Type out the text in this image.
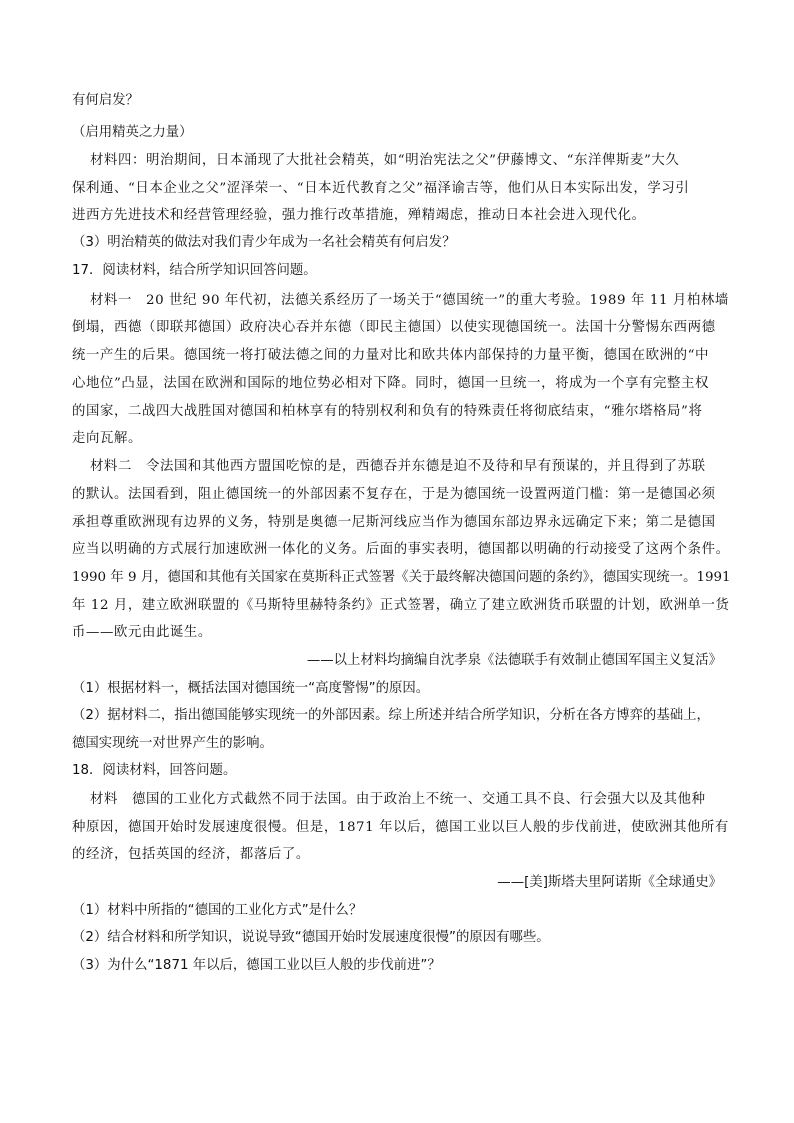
有何启发？
（启用精英之力量）
材料四：明治期间，日本涌现了大批社会精英，如“明治宪法之父”伊藤博文、“东洋俾斯麦”大久
保利通、“日本企业之父”涩泽荣一、“日本近代教育之父”福泽谕吉等，他们从日本实际出发，学习引
进西方先进技术和经营管理经验，强力推行改革措施，殚精竭虑，推动日本社会进入现代化。
（3）明治精英的做法对我们青少年成为一名社会精英有何启发？
17．阅读材料，结合所学知识回答问题。
材料一　20 世纪 90 年代初，法德关系经历了一场关于“德国统一”的重大考验。1989 年 11 月柏林墙
倒塌，西德（即联邦德国）政府决心吞并东德（即民主德国）以使实现德国统一。法国十分警惕东西两德
统一产生的后果。德国统一将打破法德之间的力量对比和欧共体内部保持的力量平衡，德国在欧洲的“中
心地位”凸显，法国在欧洲和国际的地位势必相对下降。同时，德国一旦统一，将成为一个享有完整主权
的国家，二战四大战胜国对德国和柏林享有的特别权利和负有的特殊责任将彻底结束，“雅尔塔格局”将
走向瓦解。
材料二　令法国和其他西方盟国吃惊的是，西德吞并东德是迫不及待和早有预谋的，并且得到了苏联
的默认。法国看到，阻止德国统一的外部因素不复存在，于是为德国统一设置两道门槛：第一是德国必须
承担尊重欧洲现有边界的义务，特别是奥德一尼斯河线应当作为德国东部边界永远确定下来；第二是德国
应当以明确的方式展行加速欧洲一体化的义务。后面的事实表明，德国都以明确的行动接受了这两个条件。
1990 年 9 月，德国和其他有关国家在莫斯科正式签署《关于最终解决德国问题的条约》，德国实现统一。1991
年 12 月，建立欧洲联盟的《马斯特里赫特条约》正式签署，确立了建立欧洲货币联盟的计划，欧洲单一货
币——欧元由此诞生。
——以上材料均摘编自沈孝泉《法德联手有效制止德国军国主义复活》
（1）根据材料一，概括法国对德国统一“高度警惕”的原因。
（2）据材料二，指出德国能够实现统一的外部因素。综上所述并结合所学知识，分析在各方博弈的基础上，
德国实现统一对世界产生的影响。
18．阅读材料，回答问题。
材料　德国的工业化方式截然不同于法国。由于政治上不统一、交通工具不良、行会强大以及其他种
种原因，德国开始时发展速度很慢。但是，1871 年以后，德国工业以巨人般的步伐前进，使欧洲其他所有
的经济，包括英国的经济，都落后了。
——[美]斯塔夫里阿诺斯《全球通史》
（1）材料中所指的“德国的工业化方式”是什么？
（2）结合材料和所学知识，说说导致“德国开始时发展速度很慢”的原因有哪些。
（3）为什么“1871 年以后，德国工业以巨人般的步伐前进”？
